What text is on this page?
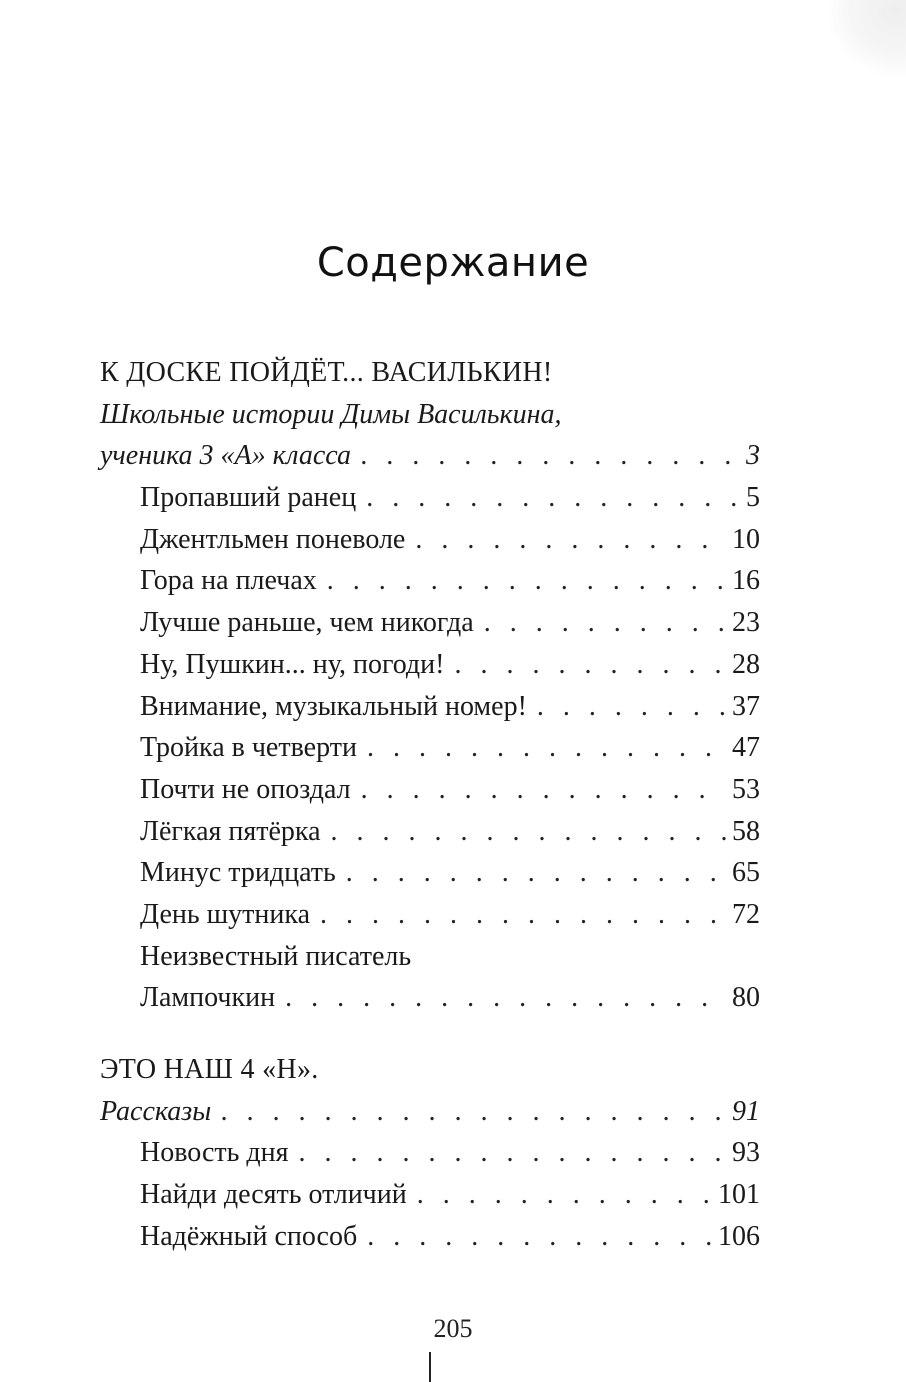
Содержание
К ДОСКЕ ПОЙДЁТ... ВАСИЛЬКИН!
Школьные истории Димы Василькина,
ученика 3 «А» класса . . .	3
Пропавший ранец . . .	5
Джентльмен поневоле . . .	10
Гора на плечах . . .	16
Лучше раньше, чем никогда . . .	23
Ну, Пушкин... ну, погоди! . . .	28
Внимание, музыкальный номер! . . .	37
Тройка в четверти . . .	47
Почти не опоздал . . .	53
Лёгкая пятёрка . . .	58
Минус тридцать . . .	65
День шутника . . .	72
Неизвестный писатель
Лампочкин . . .	80
ЭТО НАШ 4 «Н».
Рассказы . . .	91
Новость дня . . .	93
Найди десять отличий . . .	101
Надёжный способ . . .	106
205
